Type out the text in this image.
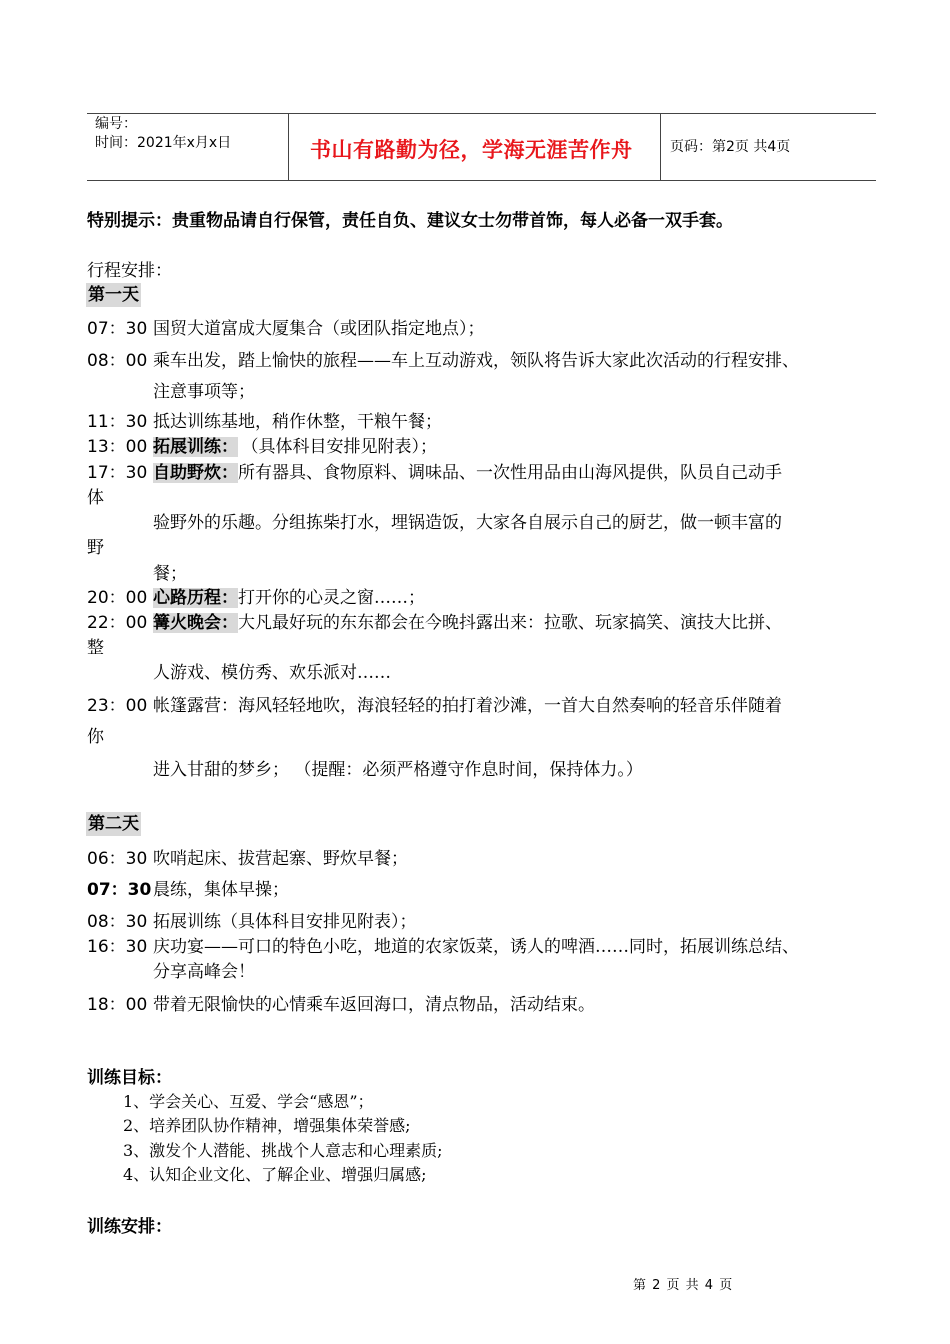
编号：
时间：2021年x月x日	书山有路勤为径，学海无涯苦作舟	页码：第2页 共4页
特别提示：贵重物品请自行保管，责任自负、建议女士勿带首饰，每人必备一双手套。
行程安排：
第一天
07：30 国贸大道富成大厦集合（或团队指定地点）；
08：00 乘车出发，踏上愉快的旅程——车上互动游戏，领队将告诉大家此次活动的行程安排、
注意事项等；
11：30 抵达训练基地，稍作休整，干粮午餐；
13：00 拓展训练： （具体科目安排见附表）；
17：30 自助野炊：所有器具、食物原料、调味品、一次性用品由山海风提供，队员自己动手
体
验野外的乐趣。分组拣柴打水，埋锅造饭，大家各自展示自己的厨艺，做一顿丰富的
野
餐；
20：00 心路历程：打开你的心灵之窗……；
22：00 篝火晚会：大凡最好玩的东东都会在今晚抖露出来：拉歌、玩家搞笑、演技大比拼、
整
人游戏、模仿秀、欢乐派对……
23：00 帐篷露营：海风轻轻地吹，海浪轻轻的拍打着沙滩，一首大自然奏响的轻音乐伴随着
你
进入甘甜的梦乡； （提醒：必须严格遵守作息时间，保持体力。）
第二天
06：30 吹哨起床、拔营起寨、野炊早餐；
07：30 晨练，集体早操；
08：30 拓展训练（具体科目安排见附表）；
16：30 庆功宴——可口的特色小吃，地道的农家饭菜，诱人的啤酒……同时，拓展训练总结、
分享高峰会！
18：00 带着无限愉快的心情乘车返回海口，清点物品，活动结束。
训练目标：
1、学会关心、互爱、学会“感恩”；
2、培养团队协作精神，增强集体荣誉感;
3、激发个人潜能、挑战个人意志和心理素质;
4、认知企业文化、了解企业、增强归属感;
训练安排：
第 2 页 共 4 页
